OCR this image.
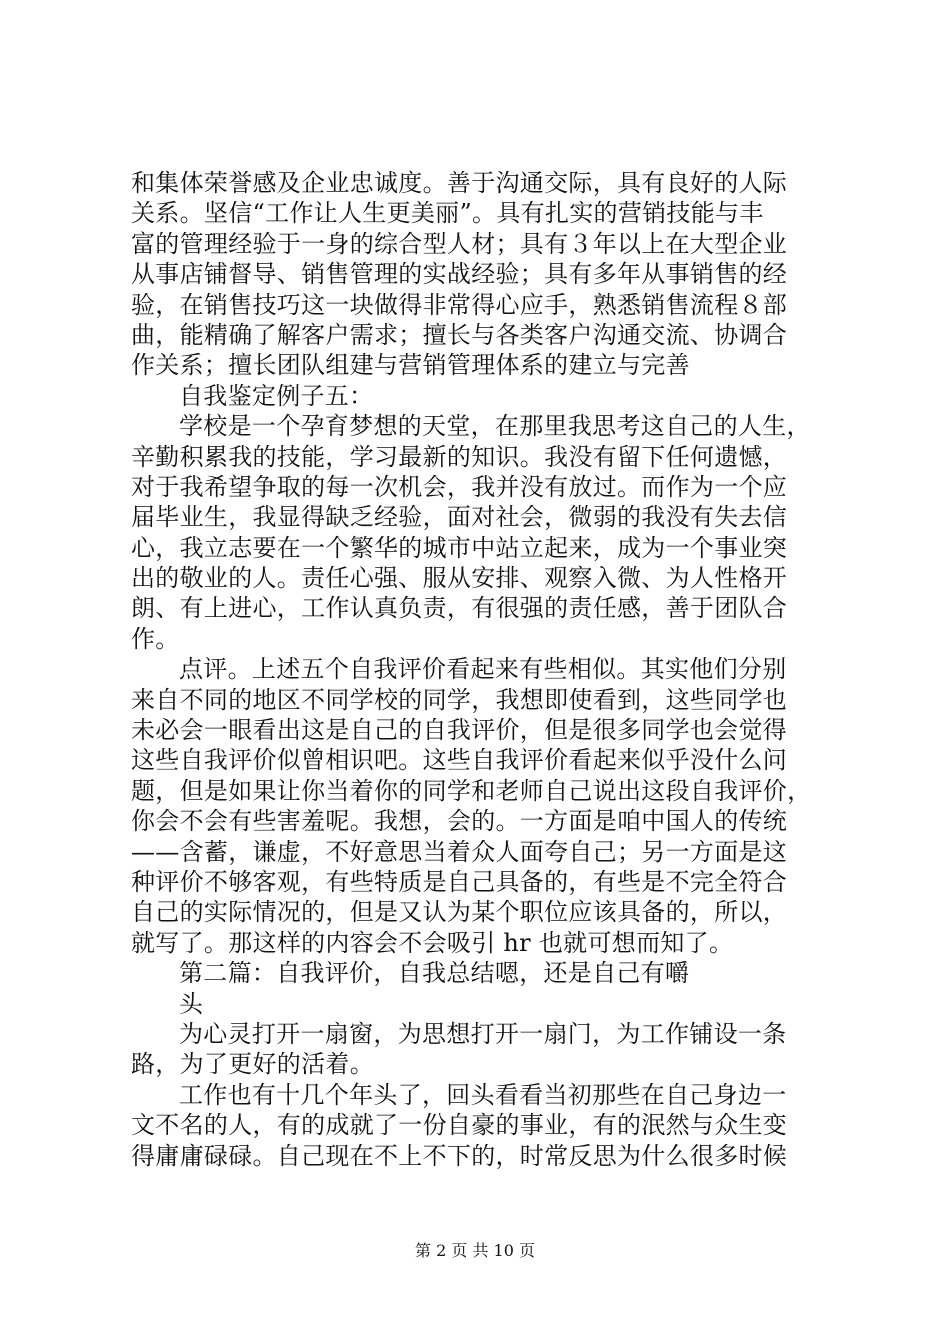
和集体荣誉感及企业忠诚度。善于沟通交际，具有良好的人际
关系。坚信“工作让人生更美丽”。具有扎实的营销技能与丰
富的管理经验于一身的综合型人材；具有３年以上在大型企业
从事店铺督导、销售管理的实战经验；具有多年从事销售的经
验，在销售技巧这一块做得非常得心应手，熟悉销售流程８部
曲，能精确了解客户需求；擅长与各类客户沟通交流、协调合
作关系；擅长团队组建与营销管理体系的建立与完善
自我鉴定例子五：
学校是一个孕育梦想的天堂，在那里我思考这自己的人生，
辛勤积累我的技能，学习最新的知识。我没有留下任何遗憾，
对于我希望争取的每一次机会，我并没有放过。而作为一个应
届毕业生，我显得缺乏经验，面对社会，微弱的我没有失去信
心，我立志要在一个繁华的城市中站立起来，成为一个事业突
出的敬业的人。责任心强、服从安排、观察入微、为人性格开
朗、有上进心，工作认真负责，有很强的责任感，善于团队合
作。
点评。上述五个自我评价看起来有些相似。其实他们分别
来自不同的地区不同学校的同学，我想即使看到，这些同学也
未必会一眼看出这是自己的自我评价，但是很多同学也会觉得
这些自我评价似曾相识吧。这些自我评价看起来似乎没什么问
题，但是如果让你当着你的同学和老师自己说出这段自我评价，
你会不会有些害羞呢。我想，会的。一方面是咱中国人的传统
——含蓄，谦虚，不好意思当着众人面夸自己；另一方面是这
种评价不够客观，有些特质是自己具备的，有些是不完全符合
自己的实际情况的，但是又认为某个职位应该具备的，所以，
就写了。那这样的内容会不会吸引 hr 也就可想而知了。
第二篇：自我评价，自我总结嗯，还是自己有嚼
头
为心灵打开一扇窗，为思想打开一扇门，为工作铺设一条
路，为了更好的活着。
工作也有十几个年头了，回头看看当初那些在自己身边一
文不名的人，有的成就了一份自豪的事业，有的泯然与众生变
得庸庸碌碌。自己现在不上不下的，时常反思为什么很多时候
第 2 页 共 10 页
